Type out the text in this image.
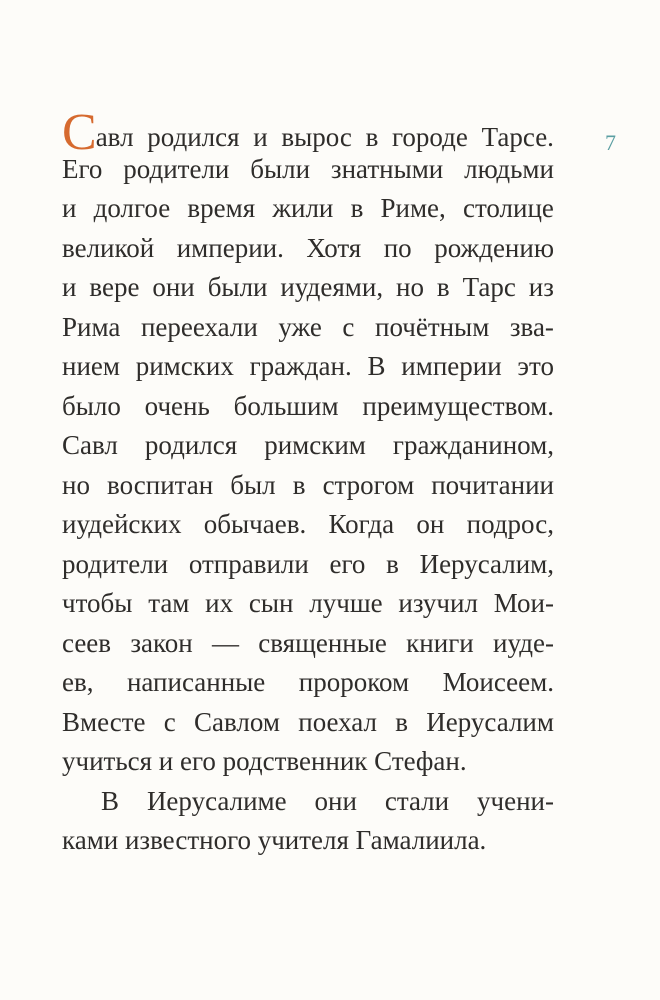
7
С авл родился и вырос в городе Тарсе.
Его родители были знатными людьми
и долгое время жили в Риме, столице
великой империи. Хотя по рождению
и вере они были иудеями, но в Тарс из
Рима переехали уже с почётным зва-
нием римских граждан. В империи это
было очень большим преимуществом.
Савл родился римским гражданином,
но воспитан был в строгом почитании
иудейских обычаев. Когда он подрос,
родители отправили его в Иерусалим,
чтобы там их сын лучше изучил Мои-
сеев закон — священные книги иуде-
ев, написанные пророком Моисеем.
Вместе с Савлом поехал в Иерусалим
учиться и его родственник Стефан.
В Иерусалиме они стали учени-
ками известного учителя Гамалиила.
